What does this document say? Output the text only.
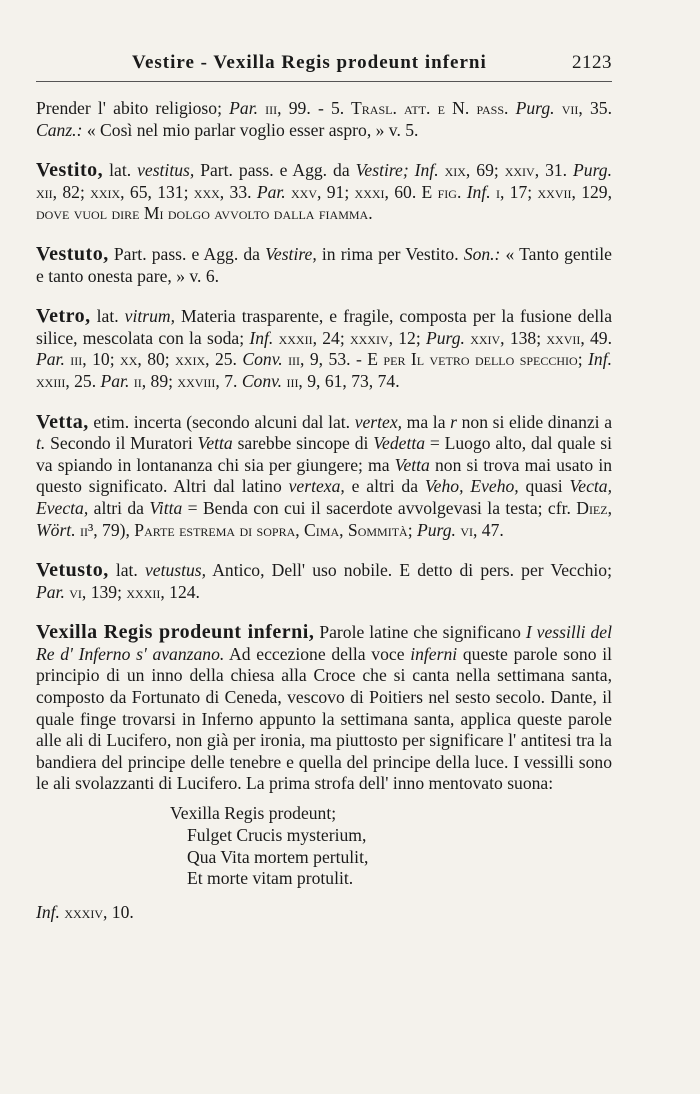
Vestire - Vexilla Regis prodeunt inferni	2123

Prender l' abito religioso; Par. iii, 99. - 5. Trasl. att. e N. pass. Purg. vii, 35. Canz.: « Così nel mio parlar voglio esser aspro, » v. 5.

Vestito, lat. vestitus, Part. pass. e Agg. da Vestire; Inf. xix, 69; xxiv, 31. Purg. xii, 82; xxix, 65, 131; xxx, 33. Par. xxv, 91; xxxi, 60. E fig. Inf. i, 17; xxvii, 129, dove vuol dire Mi dolgo avvolto dalla fiamma.

Vestuto, Part. pass. e Agg. da Vestire, in rima per Vestito. Son.: « Tanto gentile e tanto onesta pare, » v. 6.

Vetro, lat. vitrum, Materia trasparente, e fragile, composta per la fusione della silice, mescolata con la soda; Inf. xxxii, 24; xxxiv, 12; Purg. xxiv, 138; xxvii, 49. Par. iii, 10; xx, 80; xxix, 25. Conv. iii, 9, 53. - E per Il vetro dello specchio; Inf. xxiii, 25. Par. ii, 89; xxviii, 7. Conv. iii, 9, 61, 73, 74.

Vetta, etim. incerta (secondo alcuni dal lat. vertex, ma la r non si elide dinanzi a t. Secondo il Muratori Vetta sarebbe sincope di Vedetta = Luogo alto, dal quale si va spiando in lontananza chi sia per giungere; ma Vetta non si trova mai usato in questo significato. Altri dal latino vertexa, e altri da Veho, Eveho, quasi Vecta, Evecta, altri da Vitta = Benda con cui il sacerdote avvolgevasi la testa; cfr. Diez, Wört. ii³, 79), Parte estrema di sopra, Cima, Sommità; Purg. vi, 47.

Vetusto, lat. vetustus, Antico, Dell' uso nobile. E detto di pers. per Vecchio; Par. vi, 139; xxxii, 124.

Vexilla Regis prodeunt inferni, Parole latine che significano I vessilli del Re d' Inferno s' avanzano. Ad eccezione della voce inferni queste parole sono il principio di un inno della chiesa alla Croce che si canta nella settimana santa, composto da Fortunato di Ceneda, vescovo di Poitiers nel sesto secolo. Dante, il quale finge trovarsi in Inferno appunto la settimana santa, applica queste parole alle ali di Lucifero, non già per ironia, ma piuttosto per significare l' antitesi tra la bandiera del principe delle tenebre e quella del principe della luce. I vessilli sono le ali svolazzanti di Lucifero. La prima strofa dell' inno mentovato suona:

Vexilla Regis prodeunt;
Fulget Crucis mysterium,
Qua Vita mortem pertulit,
Et morte vitam protulit.
Inf. xxxiv, 10.
